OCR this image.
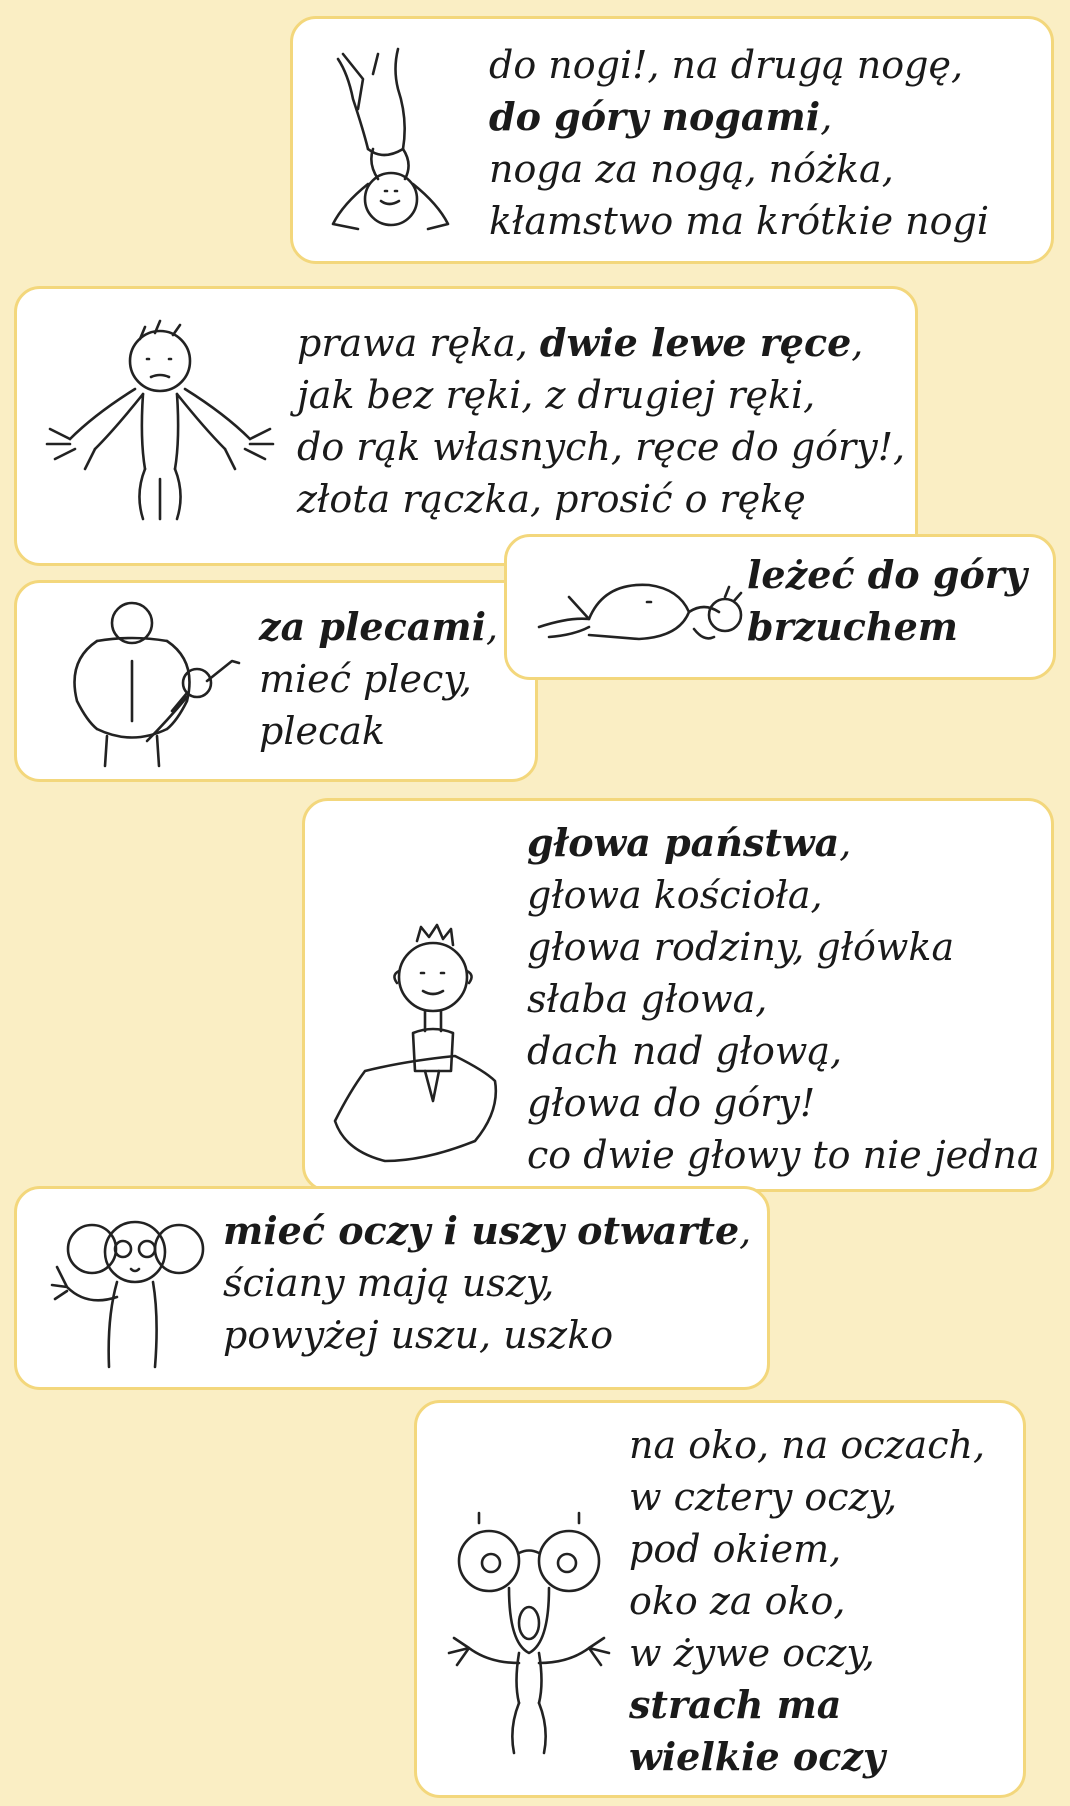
do nogi!, na drugą nogę,
do góry nogami,
noga za nogą, nóżka,
kłamstwo ma krótkie nogi
prawa ręka, dwie lewe ręce,
jak bez ręki, z drugiej ręki,
do rąk własnych, ręce do góry!,
złota rączka, prosić o rękę
za plecami,
mieć plecy,
plecak
leżeć do góry
brzuchem
głowa państwa,
głowa kościoła,
głowa rodziny, główka
słaba głowa,
dach nad głową,
głowa do góry!
co dwie głowy to nie jedna
mieć oczy i uszy otwarte,
ściany mają uszy,
powyżej uszu, uszko
na oko, na oczach,
w cztery oczy,
pod okiem,
oko za oko,
w żywe oczy,
strach ma
wielkie oczy
